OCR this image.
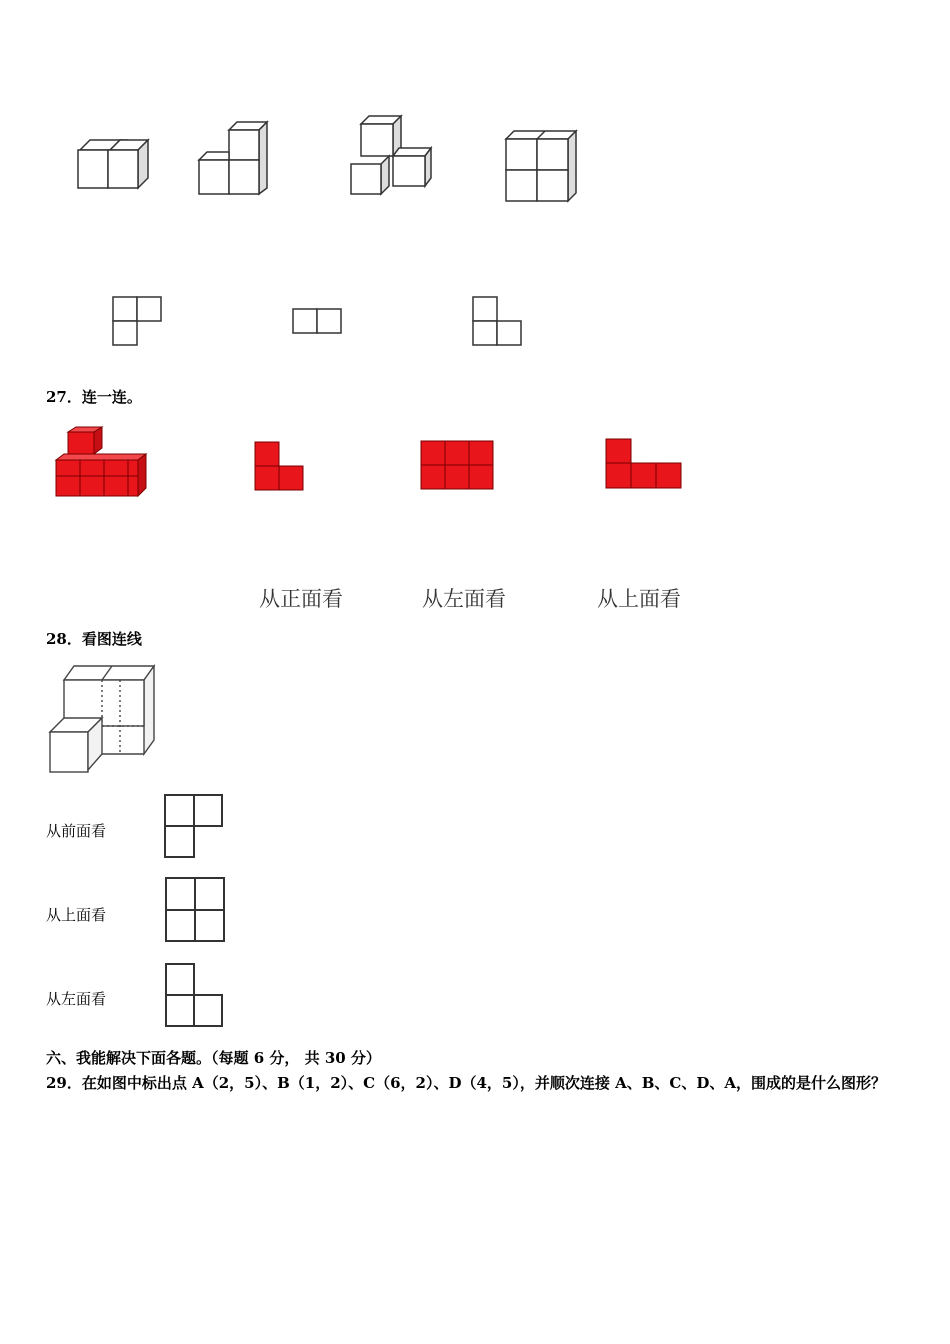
27．连一连。
从正面看	从左面看	从上面看
28．看图连线
从前面看
从上面看
从左面看
六、我能解决下面各题。（每题 6 分， 共 30 分）
29．在如图中标出点 A（2，5）、B（1，2）、C（6，2）、D（4，5），并顺次连接 A、B、C、D、A，围成的是什么图形？
